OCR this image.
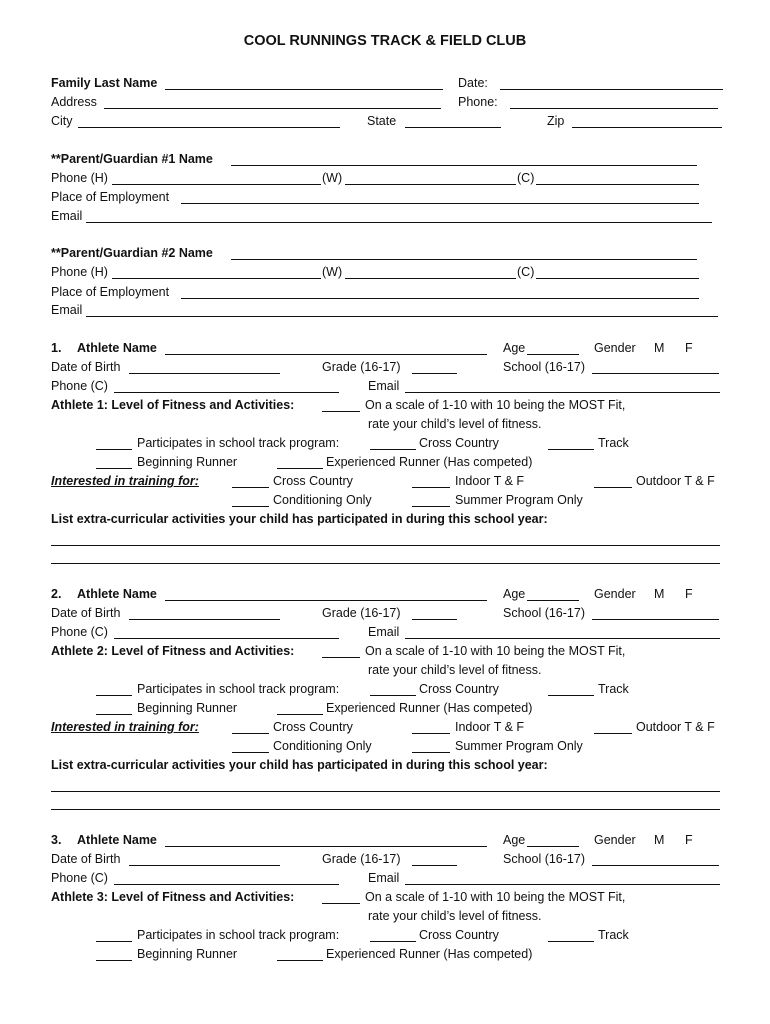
COOL RUNNINGS TRACK & FIELD CLUB
Family Last Name	Date:
Address	Phone:
City	State	Zip
**Parent/Guardian #1 Name
Phone (H)	(W)	(C)
Place of Employment
Email
**Parent/Guardian #2 Name
Phone (H)	(W)	(C)
Place of Employment
Email
1. Athlete Name	Age	Gender M F
Date of Birth	Grade (16-17)	School (16-17)
Phone (C)	Email
Athlete 1: Level of Fitness and Activities:	On a scale of 1-10 with 10 being the MOST Fit,
rate your child’s level of fitness.
Participates in school track program:	Cross Country	Track
Beginning Runner	Experienced Runner (Has competed)
Interested in training for:	Cross Country	Indoor T & F	Outdoor T & F
Conditioning Only	Summer Program Only
List extra-curricular activities your child has participated in during this school year:
2. Athlete Name	Age	Gender M F
Date of Birth	Grade (16-17)	School (16-17)
Phone (C)	Email
Athlete 2: Level of Fitness and Activities:	On a scale of 1-10 with 10 being the MOST Fit,
rate your child’s level of fitness.
Participates in school track program:	Cross Country	Track
Beginning Runner	Experienced Runner (Has competed)
Interested in training for:	Cross Country	Indoor T & F	Outdoor T & F
Conditioning Only	Summer Program Only
List extra-curricular activities your child has participated in during this school year:
3. Athlete Name	Age	Gender M F
Date of Birth	Grade (16-17)	School (16-17)
Phone (C)	Email
Athlete 3: Level of Fitness and Activities:	On a scale of 1-10 with 10 being the MOST Fit,
rate your child’s level of fitness.
Participates in school track program:	Cross Country	Track
Beginning Runner	Experienced Runner (Has competed)
